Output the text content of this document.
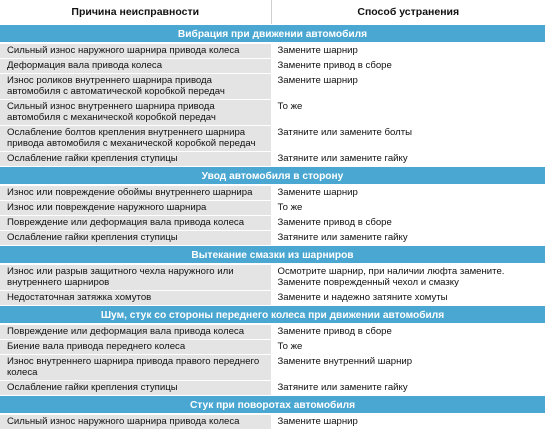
Причина неисправности	Способ устранения
Вибрация при движении автомобиля	
Сильный износ наружного шарнира привода колеса	Замените шарнир
Деформация вала привода колеса	Замените привод в сборе
Износ роликов внутреннего шарнира привода автомобиля с автоматической коробкой передач	Замените шарнир
Сильный износ внутреннего шарнира привода автомобиля с механической коробкой передач	То же
Ослабление болтов крепления внутреннего шарнира привода автомобиля с механической коробкой передач	Затяните или замените болты
Ослабление гайки крепления ступицы	Затяните или замените гайку
Увод автомобиля в сторону	
Износ или повреждение обоймы внутреннего шарнира	Замените шарнир
Износ или повреждение наружного шарнира	То же
Повреждение или деформация вала привода колеса	Замените привод в сборе
Ослабление гайки крепления ступицы	Затяните или замените гайку
Вытекание смазки из шарниров	
Износ или разрыв защитного чехла наружного или внутреннего шарниров	Осмотрите шарнир, при наличии люфта замените. Замените поврежденный чехол и смазку
Недостаточная затяжка хомутов	Замените и надежно затяните хомуты
Шум, стук со стороны переднего колеса при движении автомобиля	
Повреждение или деформация вала привода колеса	Замените привод в сборе
Биение вала привода переднего колеса	То же
Износ внутреннего шарнира привода правого переднего колеса	Замените внутренний шарнир
Ослабление гайки крепления ступицы	Затяните или замените гайку
Стук при поворотах автомобиля	
Сильный износ наружного шарнира привода колеса	Замените шарнир
